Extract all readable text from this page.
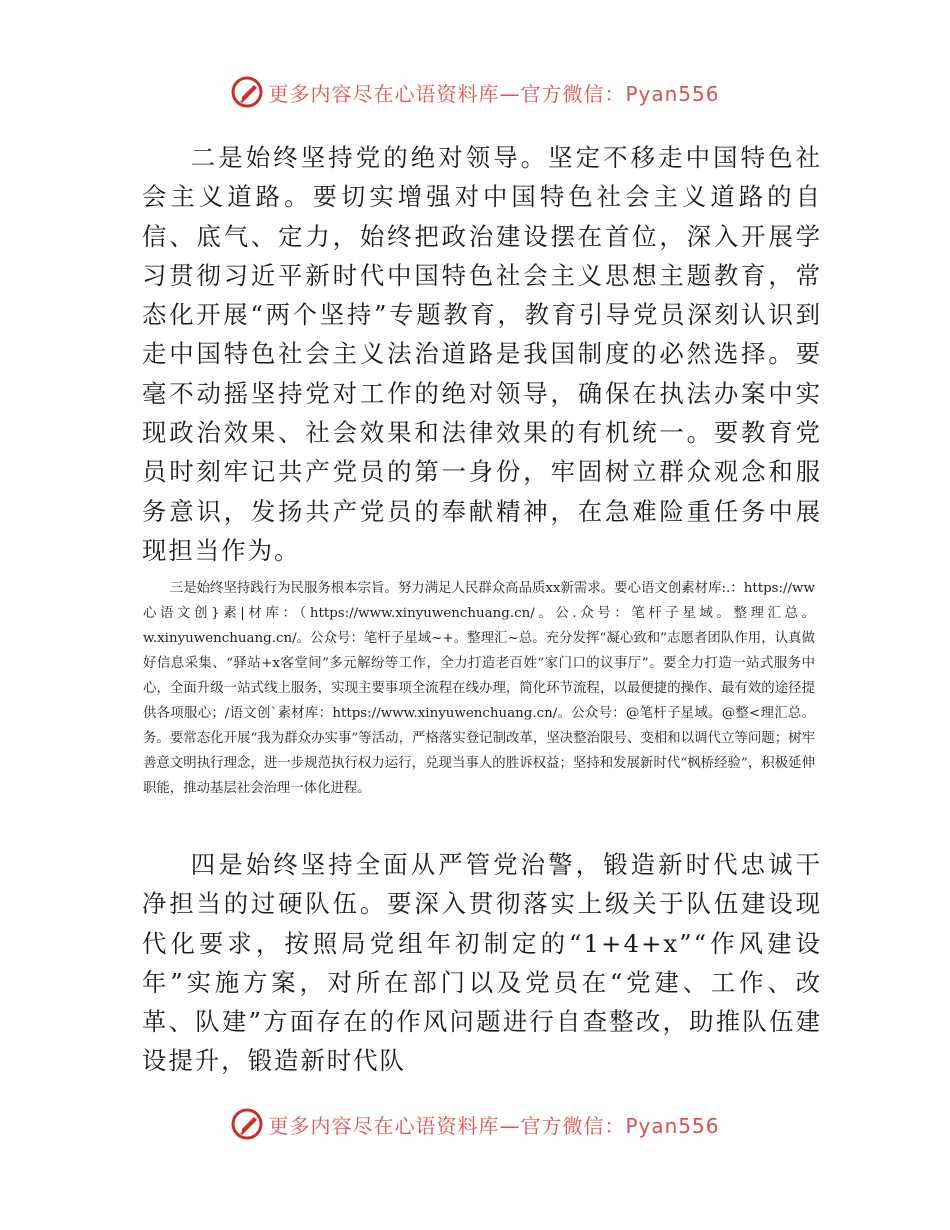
更多内容尽在心语资料库—官方微信：Pyan556

二是始终坚持党的绝对领导。坚定不移走中国特色社会主义道路。要切实增强对中国特色社会主义道路的自信、底气、定力，始终把政治建设摆在首位，深入开展学习贯彻习近平新时代中国特色社会主义思想主题教育，常态化开展“两个坚持”专题教育，教育引导党员深刻认识到走中国特色社会主义法治道路是我国制度的必然选择。要毫不动摇坚持党对工作的绝对领导，确保在执法办案中实现政治效果、社会效果和法律效果的有机统一。要教育党员时刻牢记共产党员的第一身份，牢固树立群众观念和服务意识，发扬共产党员的奉献精神，在急难险重任务中展现担当作为。

三是始终坚持践行为民服务根本宗旨。努力满足人民群众高品质xx新需求。要心语文创素材库:.：https://ww心语文创}素|材库：（https://www.xinyuwenchuang.cn/。公.众号：笔杆子星域。整理汇总。w.xinyuwenchuang.cn/。公众号：笔杆子星域~+。整理汇~总。充分发挥“凝心致和”志愿者团队作用，认真做好信息采集、“驿站+x客堂间”多元解纷等工作，全力打造老百姓“家门口的议事厅”。要全力打造一站式服务中心，全面升级一站式线上服务，实现主要事项全流程在线办理，简化环节流程，以最便捷的操作、最有效的途径提供各项服心；/语文创`素材库：https://www.xinyuwenchuang.cn/。公众号：@笔杆子星域。@整<理汇总。务。要常态化开展“我为群众办实事”等活动，严格落实登记制改革，坚决整治限号、变相和以调代立等问题；树牢善意文明执行理念，进一步规范执行权力运行，兑现当事人的胜诉权益；坚持和发展新时代“枫桥经验”，积极延伸职能，推动基层社会治理一体化进程。

四是始终坚持全面从严管党治警，锻造新时代忠诚干净担当的过硬队伍。要深入贯彻落实上级关于队伍建设现代化要求，按照局党组年初制定的“1+4+x”“作风建设年”实施方案，对所在部门以及党员在“党建、工作、改革、队建”方面存在的作风问题进行自查整改，助推队伍建设提升，锻造新时代队

更多内容尽在心语资料库—官方微信：Pyan556
